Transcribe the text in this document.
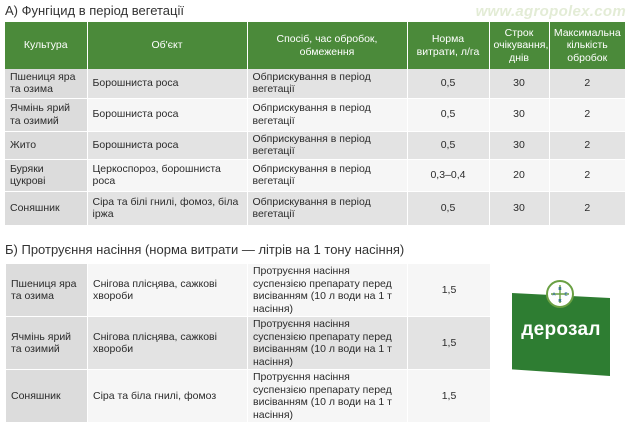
А) Фунгіцид в період вегетації	www.agropolex.com
Культура	Об'єкт	Спосіб, час обробок, обмеження	Норма витрати, л/га	Строк очікування, днів	Максимальна кількість обробок
Пшениця яра та озима	Борошниста роса	Обприскування в період вегетації	0,5	30	2
Ячмінь ярий та озимий	Борошниста роса	Обприскування в період вегетації	0,5	30	2
Жито	Борошниста роса	Обприскування в період вегетації	0,5	30	2
Буряки цукрові	Церкоспороз, борошниста роса	Обприскування в період вегетації	0,3–0,4	20	2
Соняшник	Сіра та білі гнилі, фомоз, біла іржа	Обприскування в період вегетації	0,5	30	2
Б) Протруєння насіння (норма витрати — літрів на 1 тону насіння)
Пшениця яра та озима	Снігова плісңява, сажкові хвороби	Протруєння насіння суспензією препарату перед висіванням (10 л води на 1 т насіння)	1,5
Ячмінь ярий та озимий	Снігова плісңява, сажкові хвороби	Протруєння насіння суспензією препарату перед висіванням (10 л води на 1 т насіння)	1,5
Соняшник	Сіра та біла гнилі, фомоз	Протруєння насіння суспензією препарату перед висіванням (10 л води на 1 т насіння)	1,5
дерозал
B
R
A E
